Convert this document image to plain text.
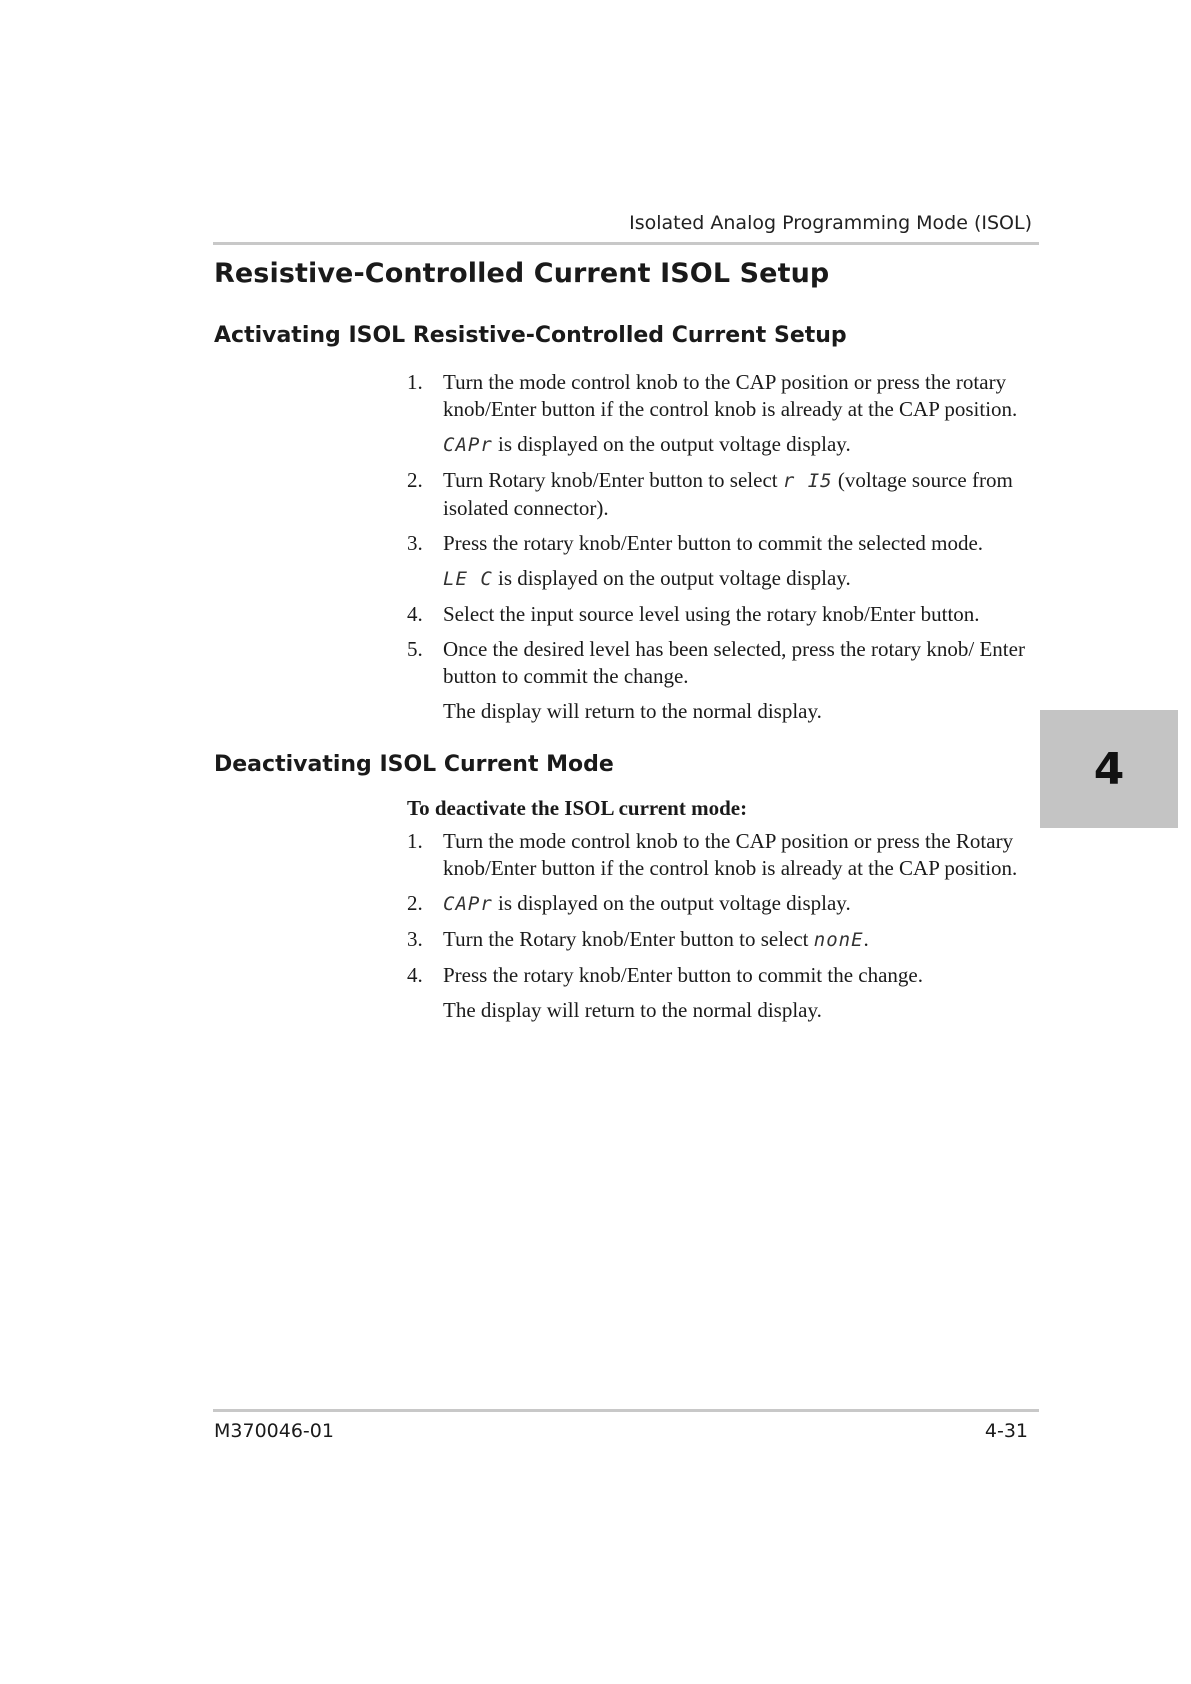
Isolated Analog Programming Mode (ISOL)
Resistive-Controlled Current ISOL Setup
Activating ISOL Resistive-Controlled Current Setup
1. Turn the mode control knob to the CAP position or press the rotary knob/Enter button if the control knob is already at the CAP position.
CAPr is displayed on the output voltage display.
2. Turn Rotary knob/Enter button to select r I5 (voltage source from isolated connector).
3. Press the rotary knob/Enter button to commit the selected mode.
LE C is displayed on the output voltage display.
4. Select the input source level using the rotary knob/Enter button.
5. Once the desired level has been selected, press the rotary knob/ Enter button to commit the change.
The display will return to the normal display.
Deactivating ISOL Current Mode
To deactivate the ISOL current mode:
1. Turn the mode control knob to the CAP position or press the Rotary knob/Enter button if the control knob is already at the CAP position.
2. CAPr is displayed on the output voltage display.
3. Turn the Rotary knob/Enter button to select nonE.
4. Press the rotary knob/Enter button to commit the change.
The display will return to the normal display.
4
M370046-01	4-31
